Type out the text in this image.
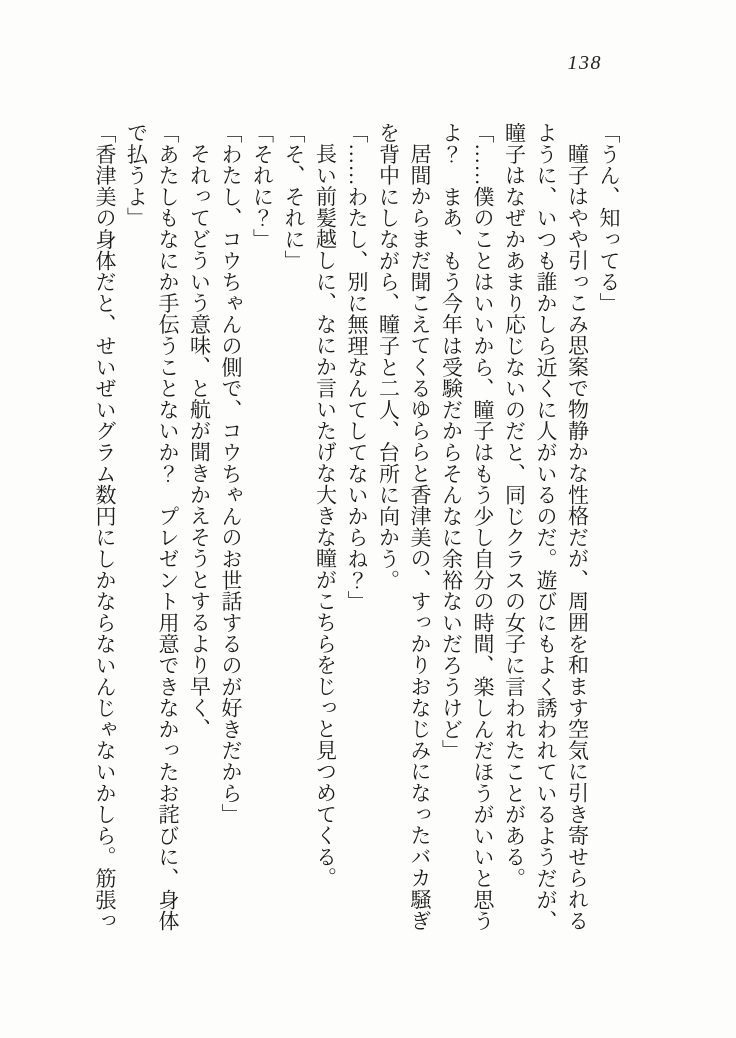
138

「うん、知ってる」

瞳子はやや引っこみ思案で物静かな性格だが、周囲を和ます空気に引き寄せられる

ように、いつも誰かしら近くに人がいるのだ。遊びにもよく誘われているようだが、

瞳子はなぜかあまり応じないのだと、同じクラスの女子に言われたことがある。

「……僕のことはいいから、瞳子はもう少し自分の時間、楽しんだほうがいいと思う

よ？　まあ、もう今年は受験だからそんなに余裕ないだろうけど」

居間からまだ聞こえてくるゆららと香津美の、すっかりおなじみになったバカ騒ぎ

を背中にしながら、瞳子と二人、台所に向かう。

「……わたし、別に無理なんてしてないからね？」

長い前髪越しに、なにか言いたげな大きな瞳がこちらをじっと見つめてくる。

「そ、それに」

「それに？」

「わたし、コウちゃんの側で、コウちゃんのお世話するのが好きだから」

それってどういう意味、と航が聞きかえそうとするより早く、

「あたしもなにか手伝うことないか？　プレゼント用意できなかったお詫びに、身体

で払うよ」

「香津美の身体だと、せいぜいグラム数円にしかならないんじゃないかしら。筋張っ
